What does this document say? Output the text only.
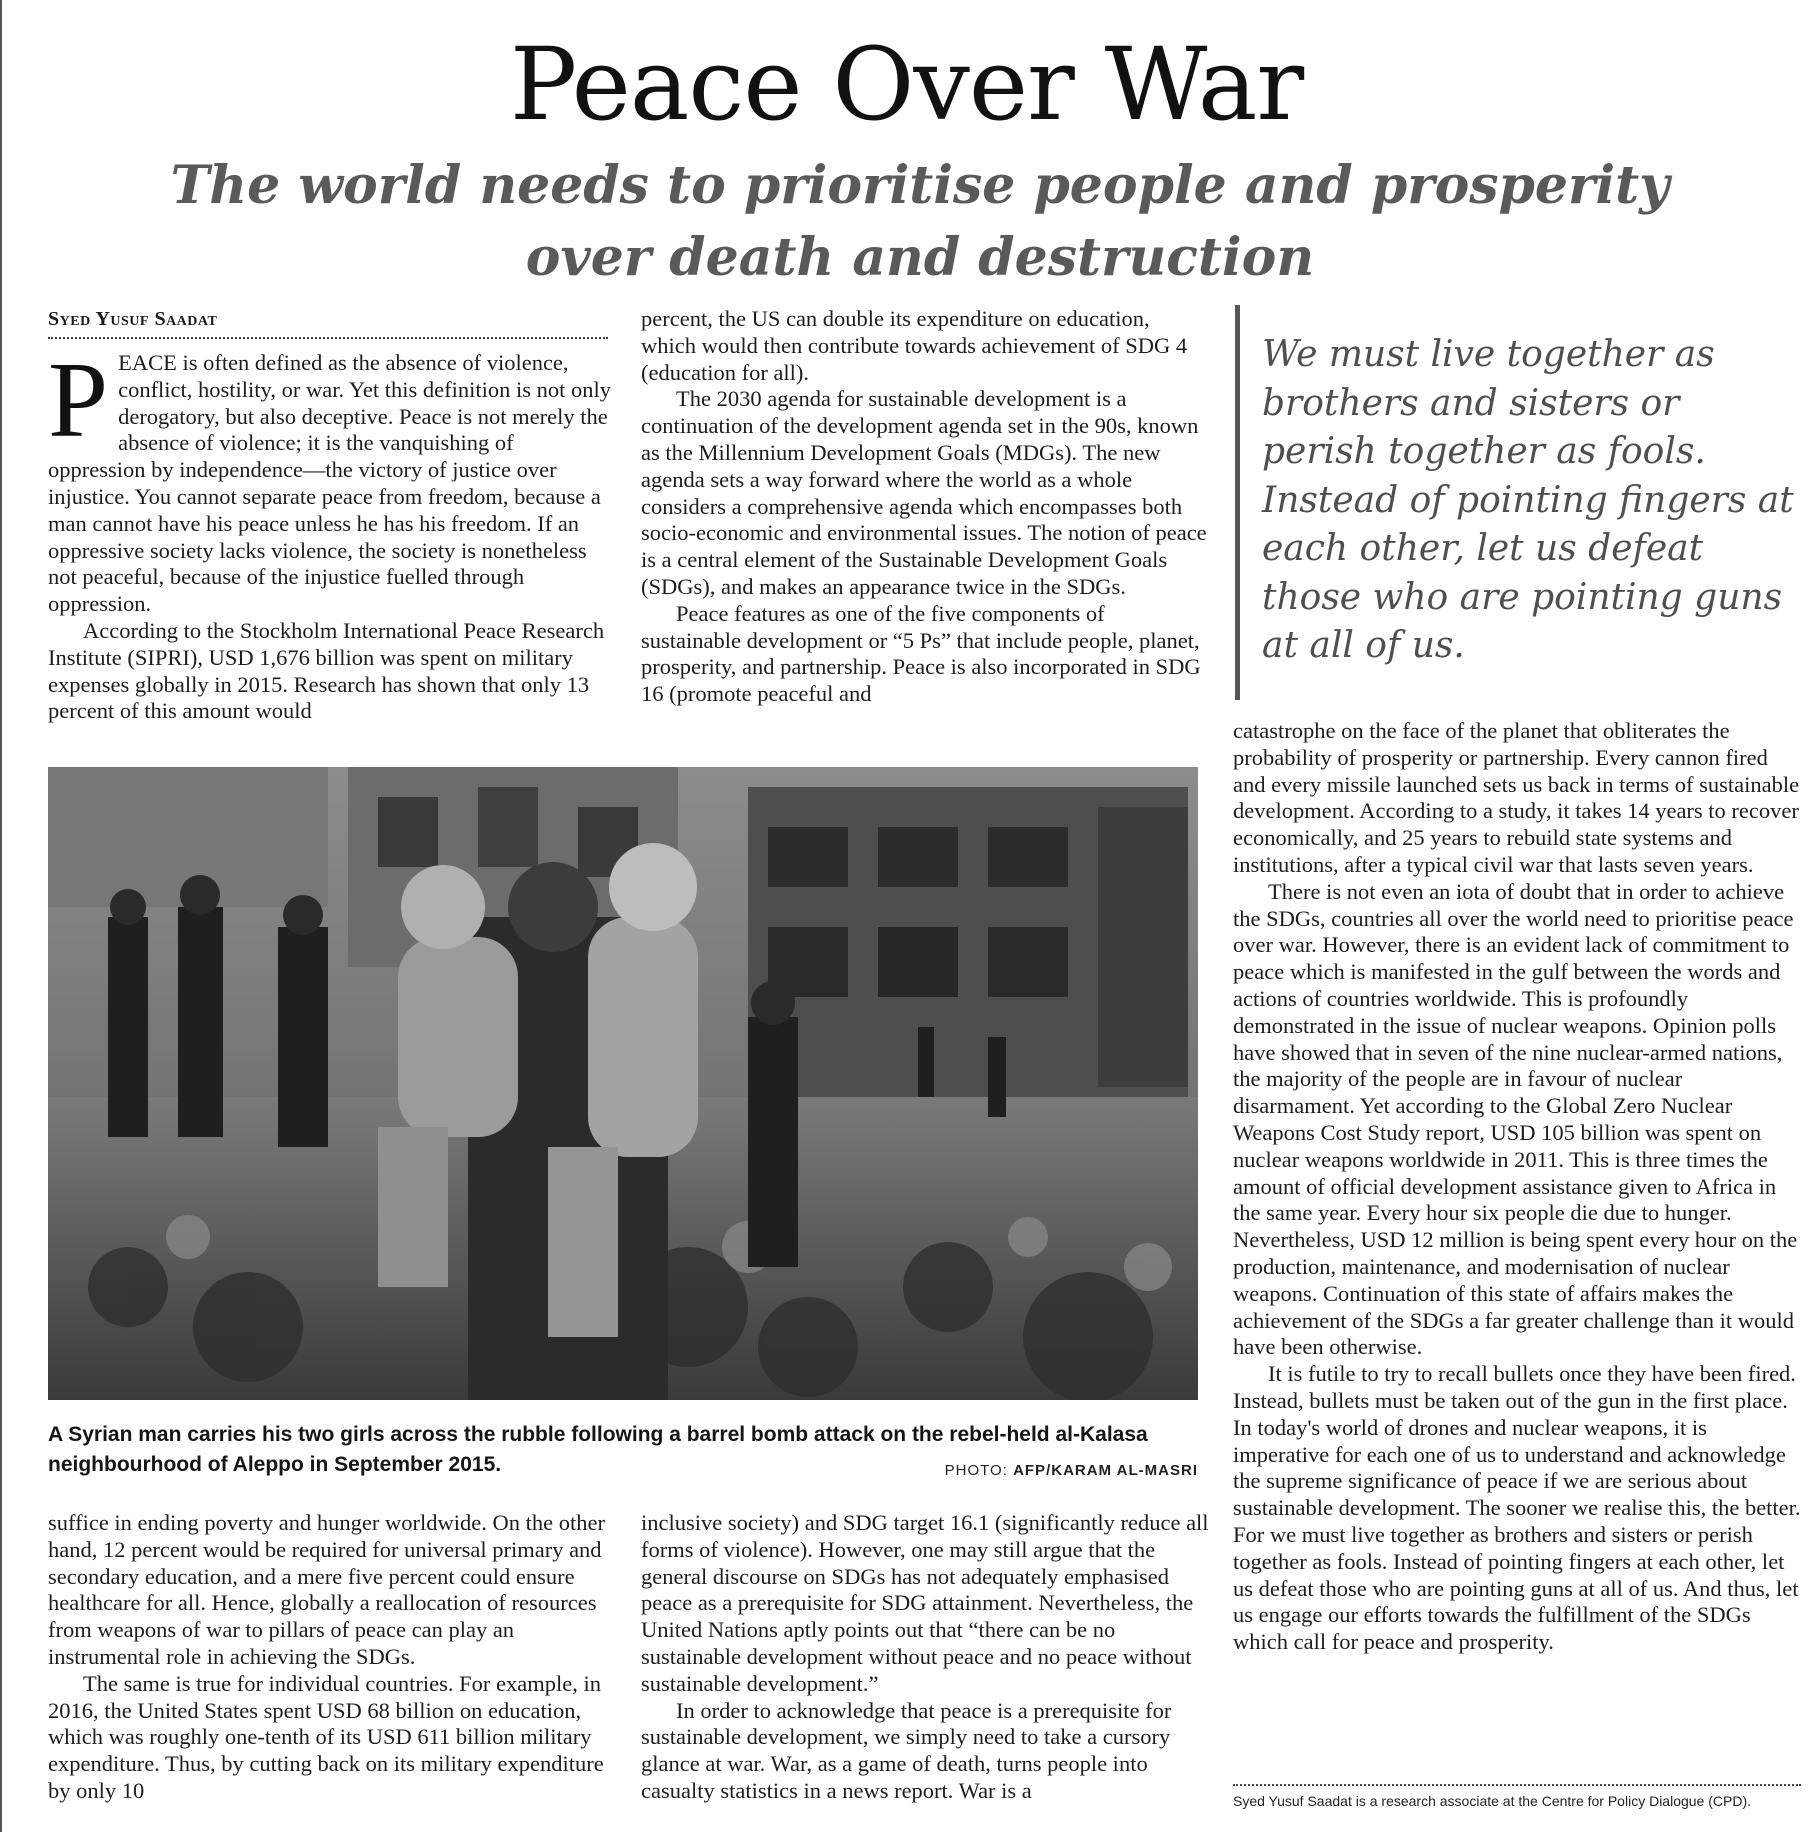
Peace Over War
The world needs to prioritise people and prosperity over death and destruction
Syed Yusuf Saadat

PEACE is often defined as the absence of violence, conflict, hostility, or war. Yet this definition is not only derogatory, but also deceptive. Peace is not merely the absence of violence; it is the vanquishing of oppression by independence—the victory of justice over injustice. You cannot separate peace from freedom, because a man cannot have his peace unless he has his freedom. If an oppressive society lacks violence, the society is nonetheless not peaceful, because of the injustice fuelled through oppression.

According to the Stockholm International Peace Research Institute (SIPRI), USD 1,676 billion was spent on military expenses globally in 2015. Research has shown that only 13 percent of this amount would

percent, the US can double its expenditure on education, which would then contribute towards achievement of SDG 4 (education for all).

The 2030 agenda for sustainable development is a continuation of the development agenda set in the 90s, known as the Millennium Development Goals (MDGs). The new agenda sets a way forward where the world as a whole considers a comprehensive agenda which encompasses both socio-economic and environmental issues. The notion of peace is a central element of the Sustainable Development Goals (SDGs), and makes an appearance twice in the SDGs.

Peace features as one of the five components of sustainable development or “5 Ps” that include people, planet, prosperity, and partnership. Peace is also incorporated in SDG 16 (promote peaceful and

We must live together as brothers and sisters or perish together as fools. Instead of pointing fingers at each other, let us defeat those who are pointing guns at all of us.

A Syrian man carries his two girls across the rubble following a barrel bomb attack on the rebel-held al-Kalasa neighbourhood of Aleppo in September 2015.	PHOTO: AFP/KARAM AL-MASRI

catastrophe on the face of the planet that obliterates the probability of prosperity or partnership. Every cannon fired and every missile launched sets us back in terms of sustainable development. According to a study, it takes 14 years to recover economically, and 25 years to rebuild state systems and institutions, after a typical civil war that lasts seven years.

There is not even an iota of doubt that in order to achieve the SDGs, countries all over the world need to prioritise peace over war. However, there is an evident lack of commitment to peace which is manifested in the gulf between the words and actions of countries worldwide. This is profoundly demonstrated in the issue of nuclear weapons. Opinion polls have showed that in seven of the nine nuclear-armed nations, the majority of the people are in favour of nuclear disarmament. Yet according to the Global Zero Nuclear Weapons Cost Study report, USD 105 billion was spent on nuclear weapons worldwide in 2011. This is three times the amount of official development assistance given to Africa in the same year. Every hour six people die due to hunger. Nevertheless, USD 12 million is being spent every hour on the production, maintenance, and modernisation of nuclear weapons. Continuation of this state of affairs makes the achievement of the SDGs a far greater challenge than it would have been otherwise.

It is futile to try to recall bullets once they have been fired. Instead, bullets must be taken out of the gun in the first place. In today's world of drones and nuclear weapons, it is imperative for each one of us to understand and acknowledge the supreme significance of peace if we are serious about sustainable development. The sooner we realise this, the better. For we must live together as brothers and sisters or perish together as fools. Instead of pointing fingers at each other, let us defeat those who are pointing guns at all of us. And thus, let us engage our efforts towards the fulfillment of the SDGs which call for peace and prosperity.

suffice in ending poverty and hunger worldwide. On the other hand, 12 percent would be required for universal primary and secondary education, and a mere five percent could ensure healthcare for all. Hence, globally a reallocation of resources from weapons of war to pillars of peace can play an instrumental role in achieving the SDGs.

The same is true for individual countries. For example, in 2016, the United States spent USD 68 billion on education, which was roughly one-tenth of its USD 611 billion military expenditure. Thus, by cutting back on its military expenditure by only 10

inclusive society) and SDG target 16.1 (significantly reduce all forms of violence). However, one may still argue that the general discourse on SDGs has not adequately emphasised peace as a prerequisite for SDG attainment. Nevertheless, the United Nations aptly points out that “there can be no sustainable development without peace and no peace without sustainable development.”

In order to acknowledge that peace is a prerequisite for sustainable development, we simply need to take a cursory glance at war. War, as a game of death, turns people into casualty statistics in a news report. War is a	Syed Yusuf Saadat is a research associate at the Centre for Policy Dialogue (CPD).
